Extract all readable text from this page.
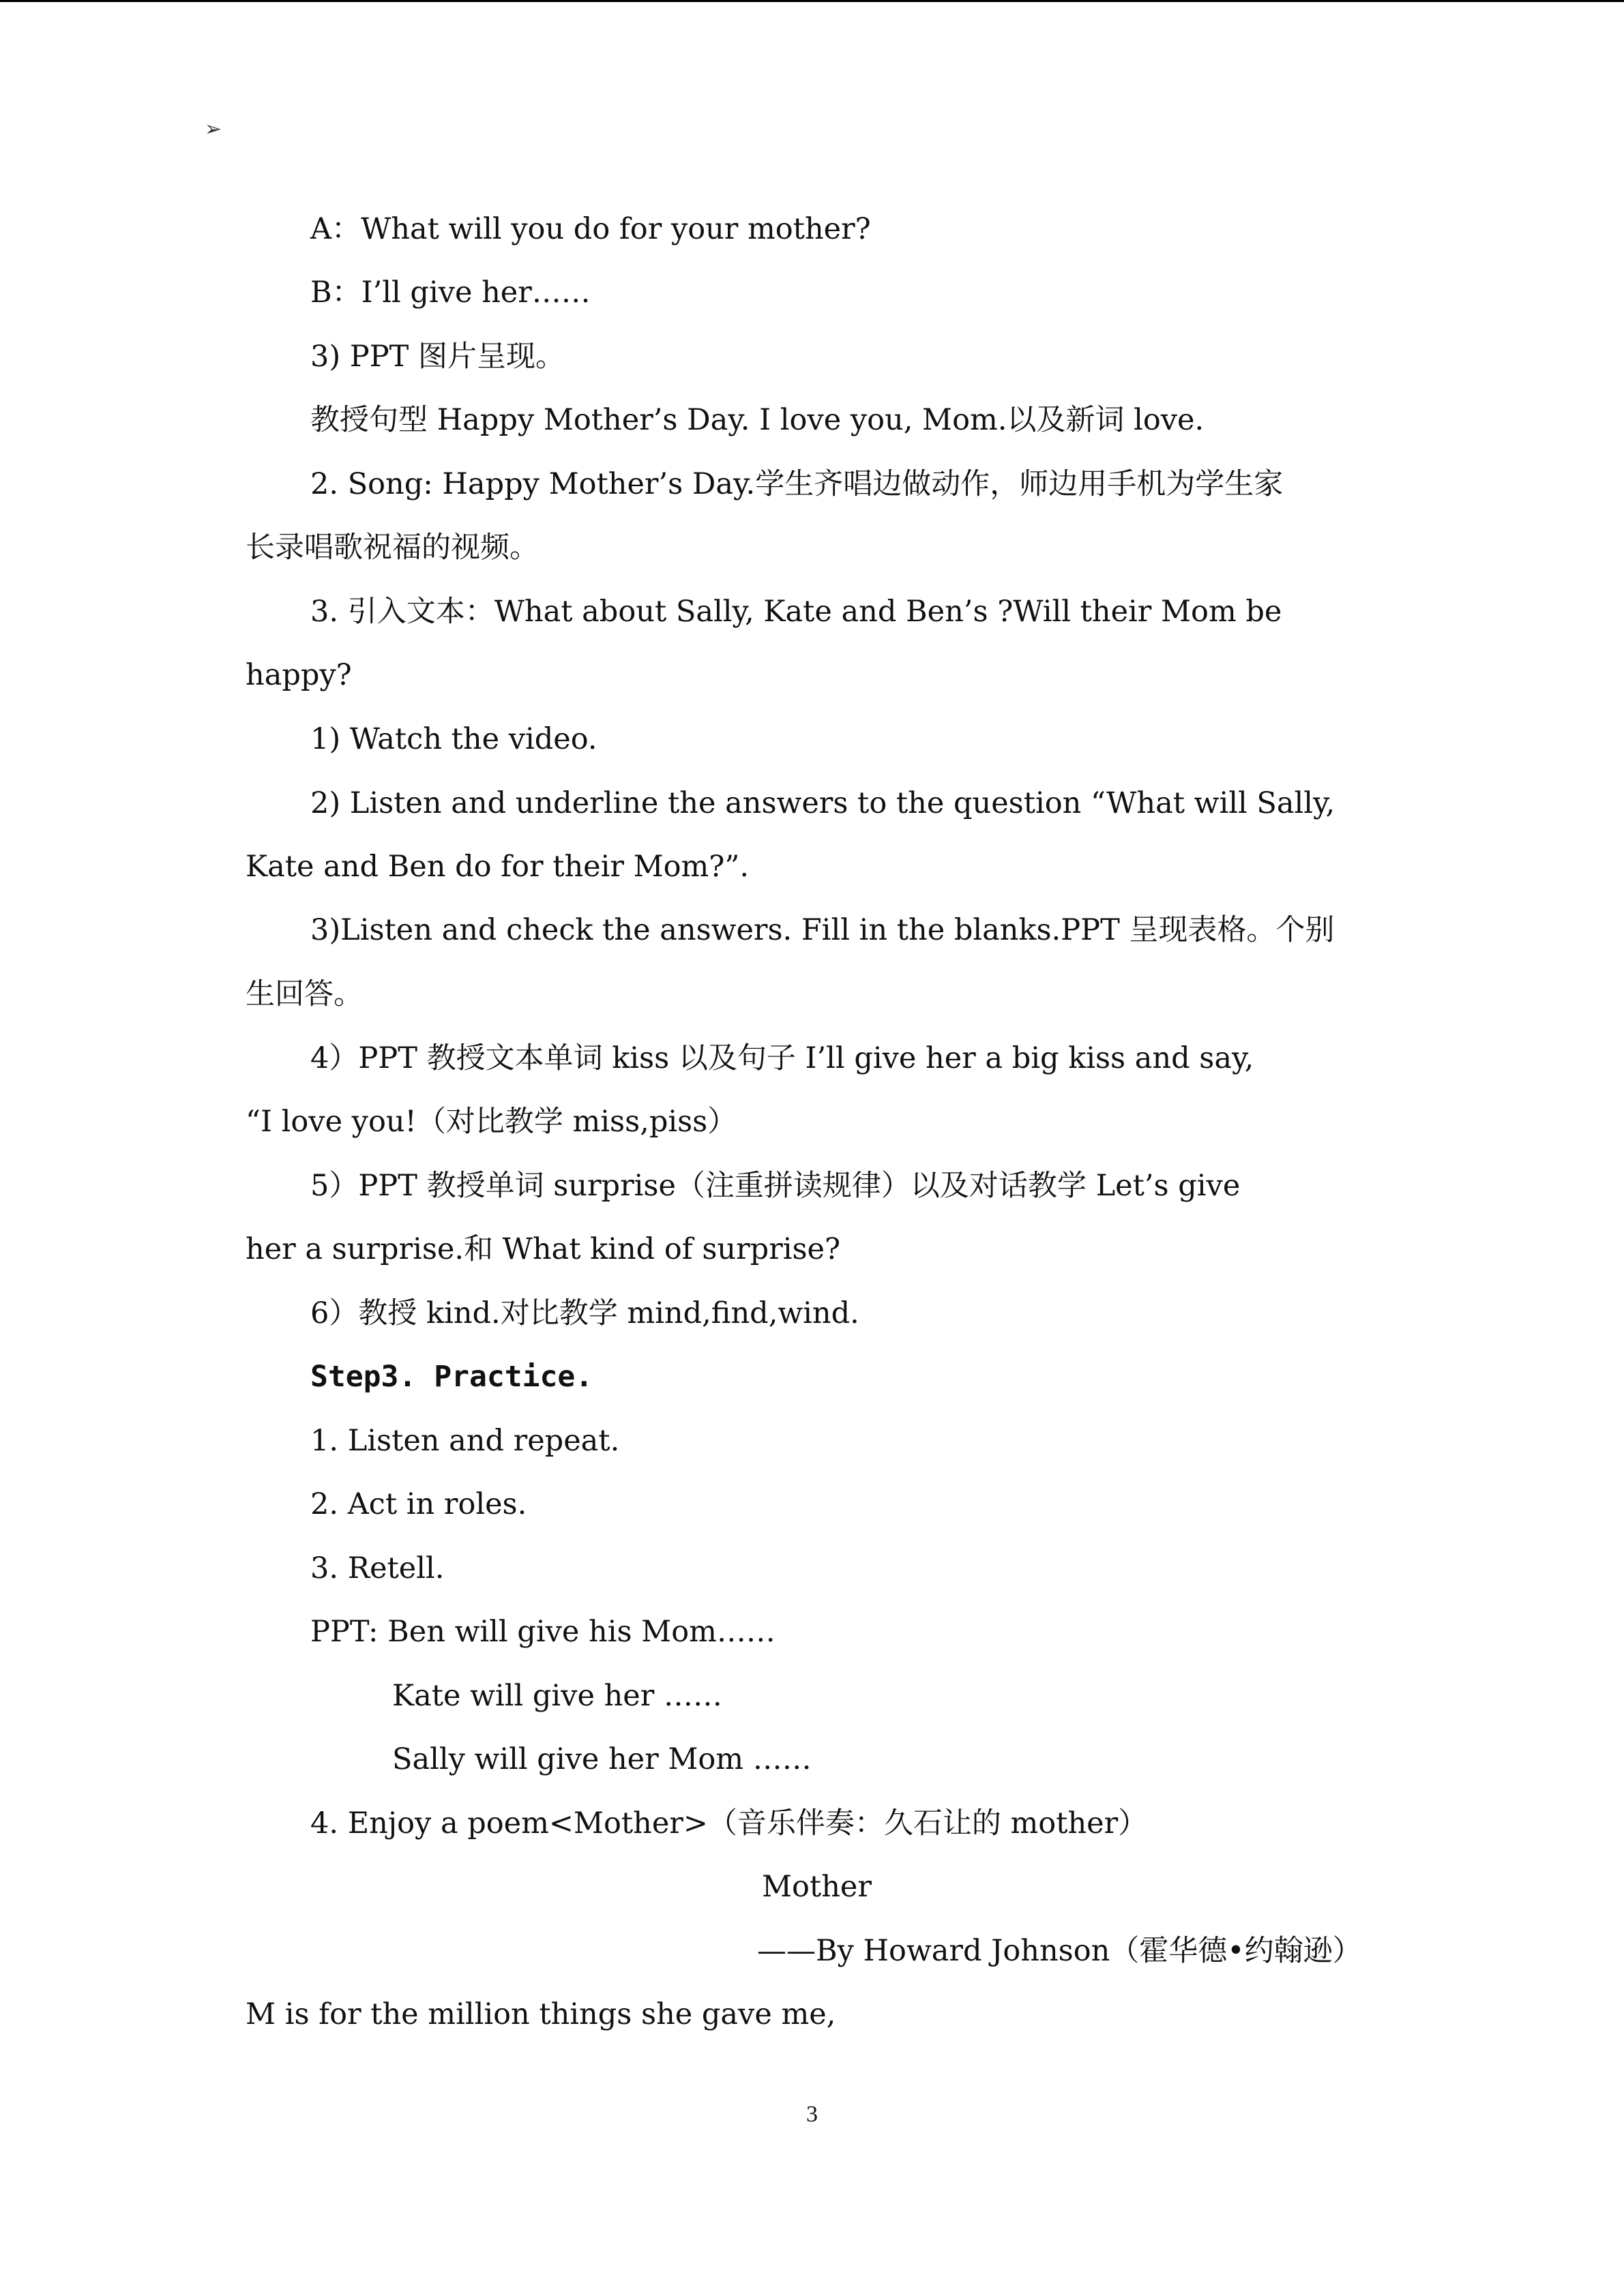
➢

A：What will you do for your mother?

B：I’ll give her……

3) PPT 图片呈现。

教授句型 Happy Mother’s Day. I love you, Mom.以及新词 love.

2. Song: Happy Mother’s Day.学生齐唱边做动作，师边用手机为学生家

长录唱歌祝福的视频。

3. 引入文本：What about Sally, Kate and Ben’s ?Will their Mom be

happy?

1) Watch the video.

2) Listen and underline the answers to the question “What will Sally,

Kate and Ben do for their Mom?”.

3)Listen and check the answers. Fill in the blanks.PPT 呈现表格。个别

生回答。

4）PPT 教授文本单词 kiss 以及句子 I’ll give her a big kiss and say,

“I love you!（对比教学 miss,piss）

5）PPT 教授单词 surprise（注重拼读规律）以及对话教学 Let’s give

her a surprise.和 What kind of surprise?

6）教授 kind.对比教学 mind,find,wind.

Step3. Practice.

1. Listen and repeat.

2. Act in roles.

3. Retell.

PPT: Ben will give his Mom……

Kate will give her ……

Sally will give her Mom ……

4. Enjoy a poem<Mother>（音乐伴奏：久石让的 mother）

Mother

——By Howard Johnson（霍华德•约翰逊）

M is for the million things she gave me,

3
